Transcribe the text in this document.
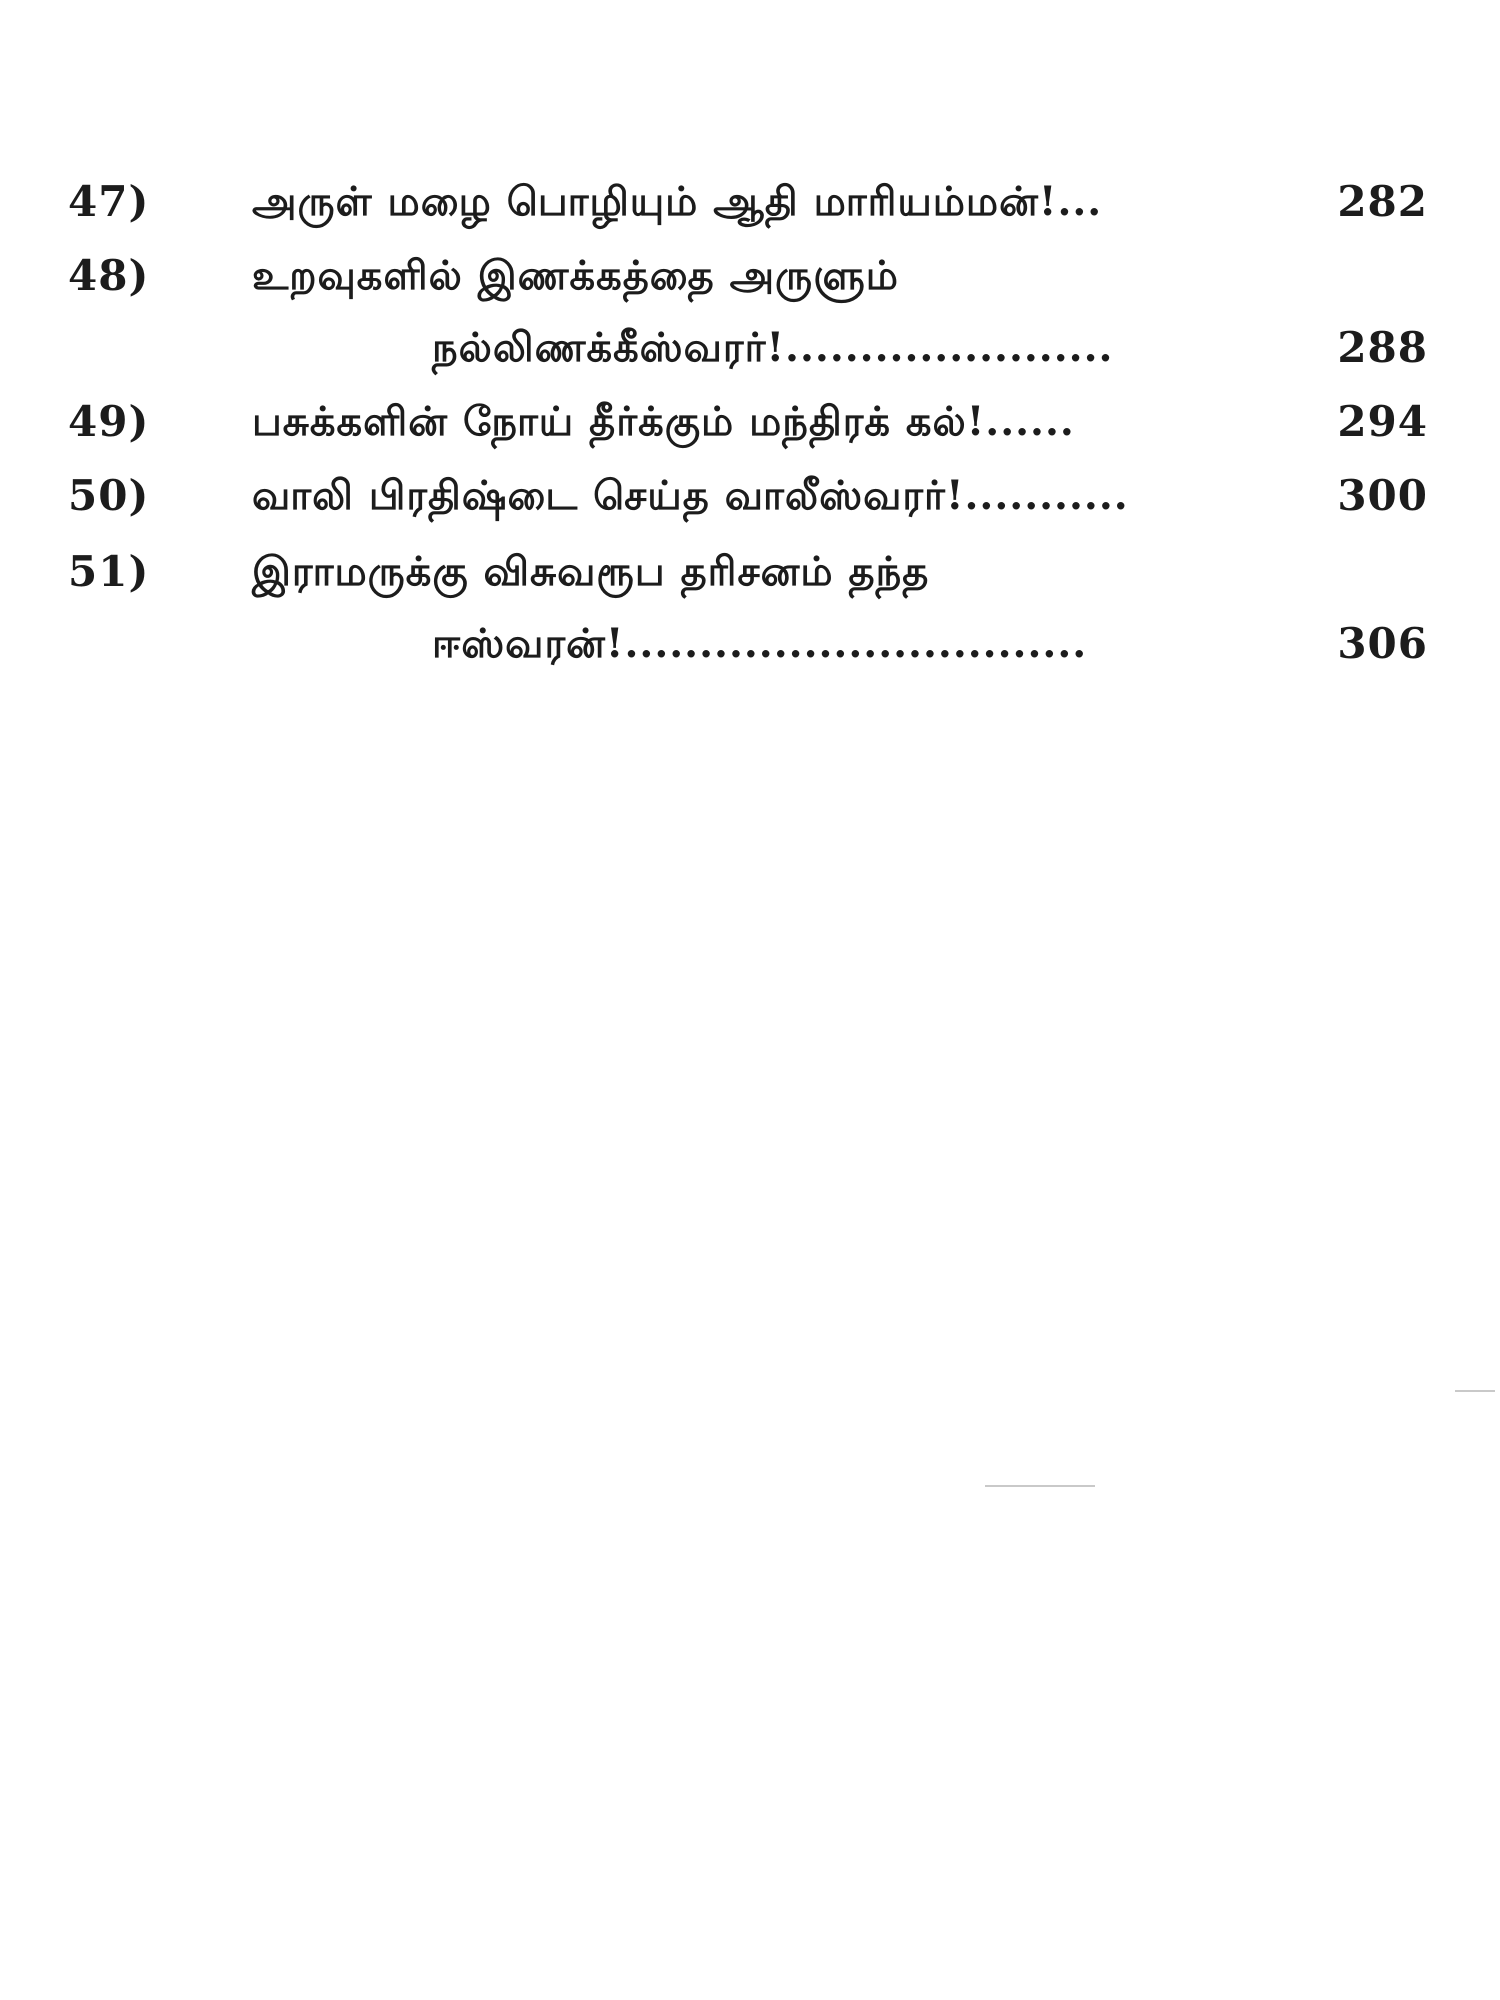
47)	அருள் மழை பொழியும் ஆதி மாரியம்மன்!...	282
48)	உறவுகளில் இணக்கத்தை அருளும்
நல்லிணக்கீஸ்வரர்!......................	288
49)	பசுக்களின் நோய் தீர்க்கும் மந்திரக் கல்!......	294
50)	வாலி பிரதிஷ்டை செய்த வாலீஸ்வரர்!...........	300
51)	இராமருக்கு விசுவரூப தரிசனம் தந்த
ஈஸ்வரன்!...............................	306
